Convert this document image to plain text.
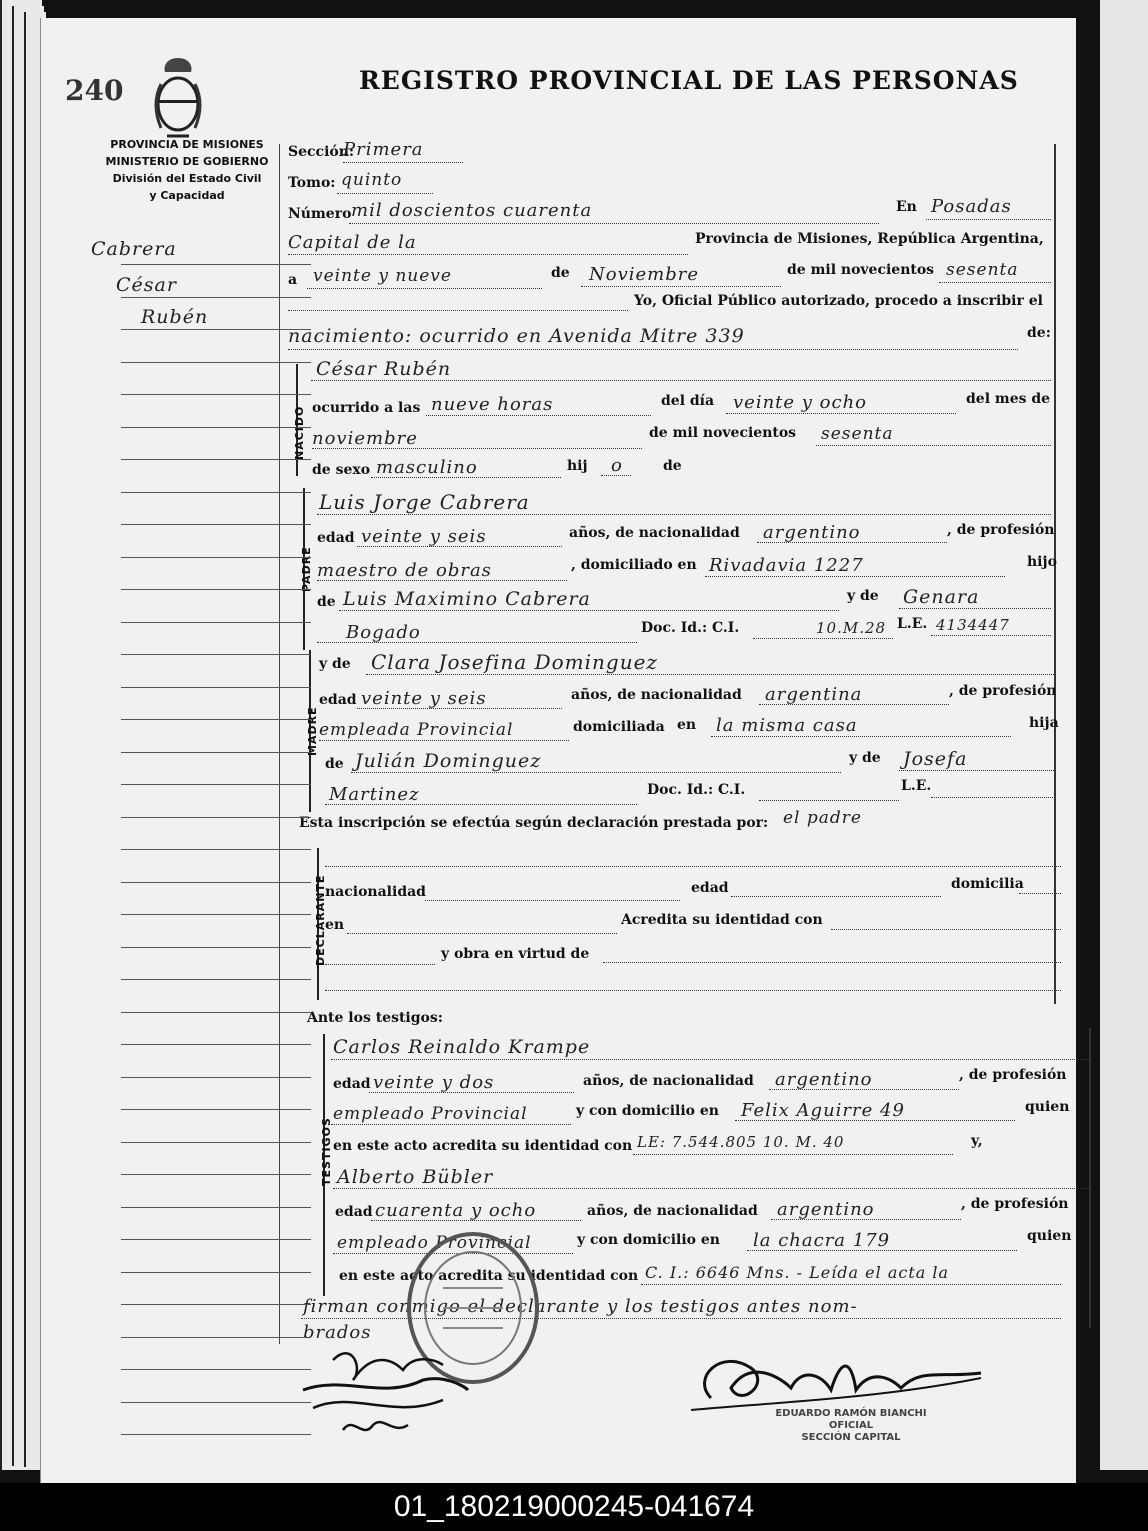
240	REGISTRO PROVINCIAL DE LAS PERSONAS
PROVINCIA DE MISIONES
MINISTERIO DE GOBIERNO
División del Estado Civil
y Capacidad
Cabrera
César
Rubén
Sección:
Primera
Tomo: quinto
Número mil doscientos cuarenta	En Posadas
Capital de la	Provincia de Misiones, República Argentina,
a veinte y nueve	de Noviembre	de mil novecientos sesenta
Yo, Oficial Público autorizado, procedo a inscribir el
nacimiento: ocurrido en Avenida Mitre 339	de:
NACIDO
César Rubén
ocurrido a las nueve horas	del día veinte y ocho	del mes de
noviembre	de mil novecientos sesenta
de sexo masculino	hij o	de
PADRE
Luis Jorge Cabrera
edad veinte y seis	años, de nacionalidad argentino	, de profesión
maestro de obras	, domiciliado en Rivadavia 1227	hijo
de Luis Maximino Cabrera	y de Genara
Bogado	Doc. Id.: C.I.	10.M.28 L.E. 4134447
MADRE
y de Clara Josefina Dominguez
edad veinte y seis	años, de nacionalidad argentina	, de profesión
empleada Provincial	domiciliada en la misma casa	hija
de Julián Dominguez	y de Josefa
Martinez	Doc. Id.: C.I.	L.E.
Esta inscripción se efectúa según declaración prestada por: el padre
DECLARANTE
nacionalidad	edad	domicilia
en	Acredita su identidad con
y obra en virtud de
Ante los testigos:
TESTIGOS
Carlos Reinaldo Krampe
edad veinte y dos	años, de nacionalidad argentino	, de profesión
empleado Provincial	y con domicilio en Felix Aguirre 49	quien
en este acto acredita su identidad con LE: 7.544.805 10. M. 40	y,
Alberto Bübler
edad cuarenta y ocho	años, de nacionalidad argentino	, de profesión
empleado Provincial	y con domicilio en la chacra 179	quien
en este acto acredita su identidad con C. I.: 6646 Mns. - Leída el acta la
firman conmigo el declarante y los testigos antes nom-
brados
EDUARDO RAMÓN BIANCHI
OFICIAL
SECCIÓN CAPITAL
01_180219000245-041674
